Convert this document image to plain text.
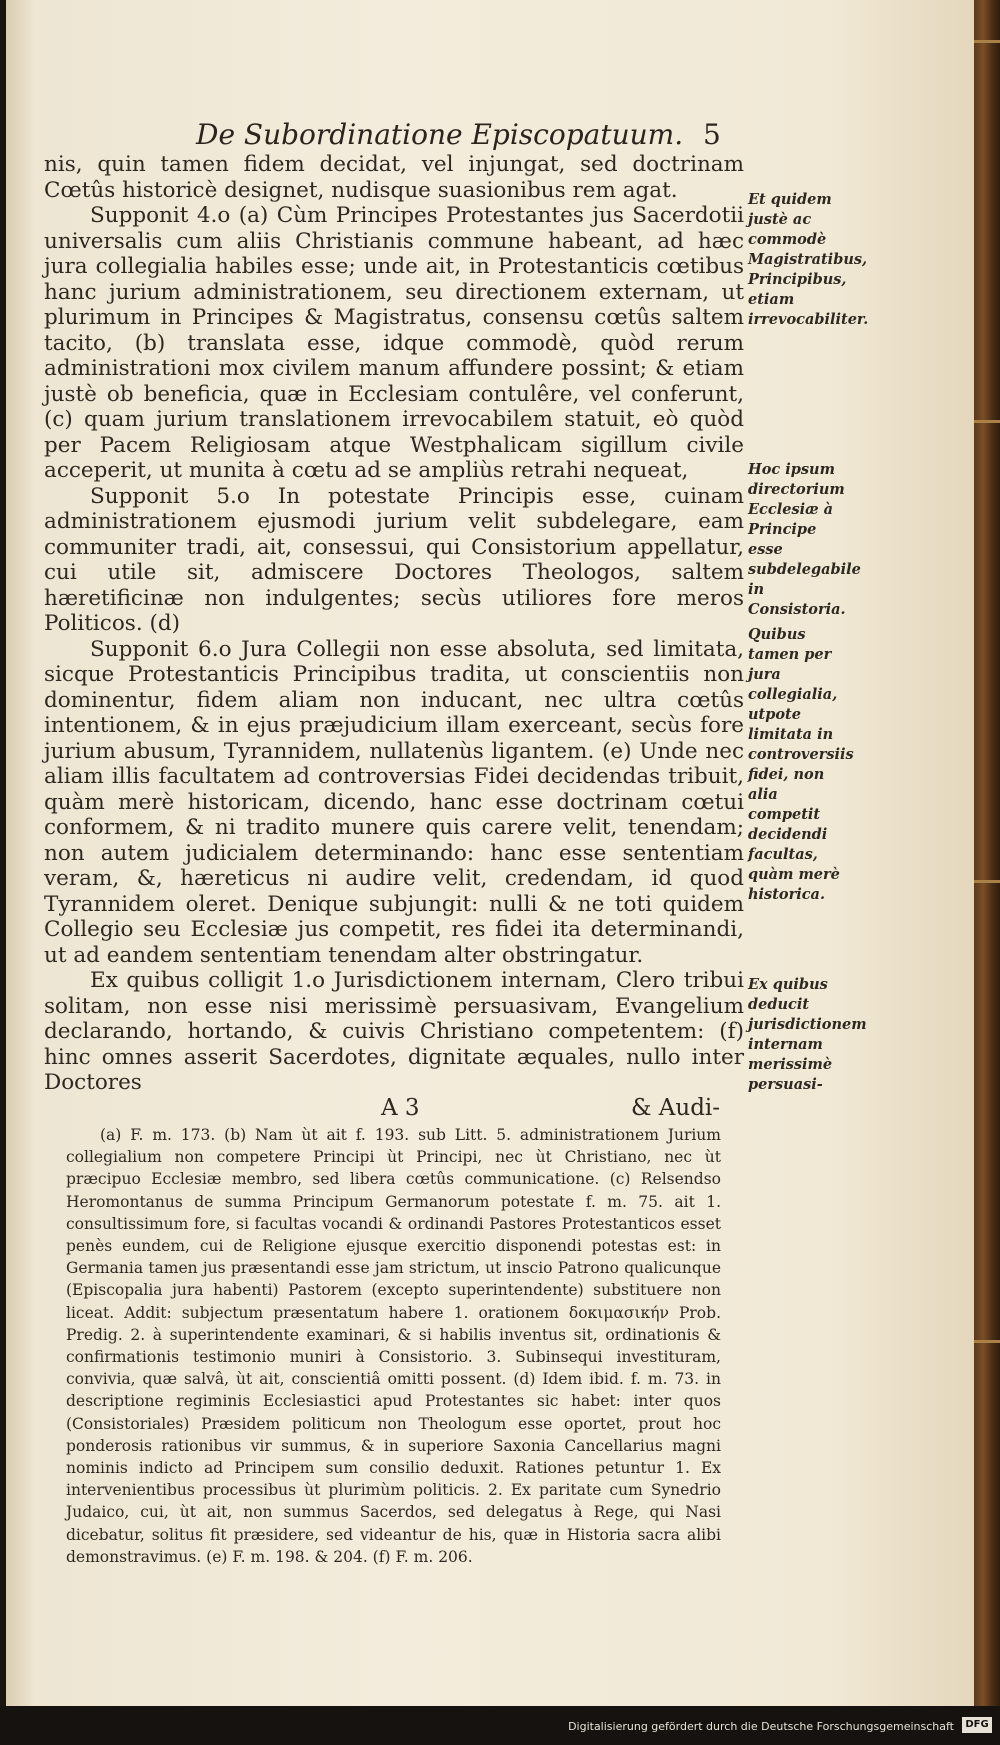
De Subordinatione Episcopatuum. 5

nis, quin tamen fidem decidat, vel injungat, sed doctrinam Cœtûs historicè designet, nudisque suasionibus rem agat.

Supponit 4.o (a) Cùm Principes Protestantes jus Sacerdotii universalis cum aliis Christianis commune habeant, ad hæc jura collegialia habiles esse; unde ait, in Protestanticis cœtibus hanc jurium administrationem, seu directionem externam, ut plurimum in Principes & Magistratus, consensu cœtûs saltem tacito, (b) translata esse, idque commodè, quòd rerum administrationi mox civilem manum affundere possint; & etiam justè ob beneficia, quæ in Ecclesiam contulêre, vel conferunt, (c) quam jurium translationem irrevocabilem statuit, eò quòd per Pacem Religiosam atque Westphalicam sigillum civile acceperit, ut munita à cœtu ad se ampliùs retrahi nequeat,

Supponit 5.o In potestate Principis esse, cuinam administrationem ejusmodi jurium velit subdelegare, eam communiter tradi, ait, consessui, qui Consistorium appellatur, cui utile sit, admiscere Doctores Theologos, saltem hæretificinæ non indulgentes; secùs utiliores fore meros Politicos. (d)

Supponit 6.o Jura Collegii non esse absoluta, sed limitata, sicque Protestanticis Principibus tradita, ut conscientiis non dominentur, fidem aliam non inducant, nec ultra cœtûs intentionem, & in ejus præjudicium illam exerceant, secùs fore jurium abusum, Tyrannidem, nullatenùs ligantem. (e) Unde nec aliam illis facultatem ad controversias Fidei decidendas tribuit, quàm merè historicam, dicendo, hanc esse doctrinam cœtui conformem, & ni tradito munere quis carere velit, tenendam; non autem judicialem determinando: hanc esse sententiam veram, &, hæreticus ni audire velit, credendam, id quod Tyrannidem oleret. Denique subjungit: nulli & ne toti quidem Collegio seu Ecclesiæ jus competit, res fidei ita determinandi, ut ad eandem sententiam tenendam alter obstringatur.

Ex quibus colligit 1.o Jurisdictionem internam, Clero tribui solitam, non esse nisi merissimè persuasivam, Evangelium declarando, hortando, & cuivis Christiano competentem: (f) hinc omnes asserit Sacerdotes, dignitate æquales, nullo inter Doctores

Et quidem justè ac commodè Magistratibus, Principibus, etiam irrevocabiliter.
Hoc ipsum directorium Ecclesiæ à Principe esse subdelegabile in Consistoria.
Quibus tamen per jura collegialia, utpote limitata in controversiis fidei, non alia competit decidendi facultas, quàm merè historica.
Ex quibus deducit jurisdictionem internam merissimè persuasi-
A 3	& Audi-

(a) F. m. 173. (b) Nam ùt ait f. 193. sub Litt. 5. administrationem Jurium collegialium non competere Principi ùt Principi, nec ùt Christiano, nec ùt præcipuo Ecclesiæ membro, sed libera cœtûs communicatione. (c) Relsendso Heromontanus de summa Principum Germanorum potestate f. m. 75. ait 1. consultissimum fore, si facultas vocandi & ordinandi Pastores Protestanticos esset penès eundem, cui de Religione ejusque exercitio disponendi potestas est: in Germania tamen jus præsentandi esse jam strictum, ut inscio Patrono qualicunque (Episcopalia jura habenti) Pastorem (excepto superintendente) substituere non liceat. Addit: subjectum præsentatum habere 1. orationem δοκιμασικήν Prob. Predig. 2. à superintendente examinari, & si habilis inventus sit, ordinationis & confirmationis testimonio muniri à Consistorio. 3. Subinsequi investituram, convivia, quæ salvâ, ùt ait, conscientiâ omitti possent. (d) Idem ibid. f. m. 73. in descriptione regiminis Ecclesiastici apud Protestantes sic habet: inter quos (Consistoriales) Præsidem politicum non Theologum esse oportet, prout hoc ponderosis rationibus vir summus, & in superiore Saxonia Cancellarius magni nominis indicto ad Principem sum consilio deduxit. Rationes petuntur 1. Ex intervenientibus processibus ùt plurimùm politicis. 2. Ex paritate cum Synedrio Judaico, cui, ùt ait, non summus Sacerdos, sed delegatus à Rege, qui Nasi dicebatur, solitus fit præsidere, sed videantur de his, quæ in Historia sacra alibi demonstravimus. (e) F. m. 198. & 204. (f) F. m. 206.

Digitalisierung gefördert durch die Deutsche Forschungsgemeinschaft	DFG
